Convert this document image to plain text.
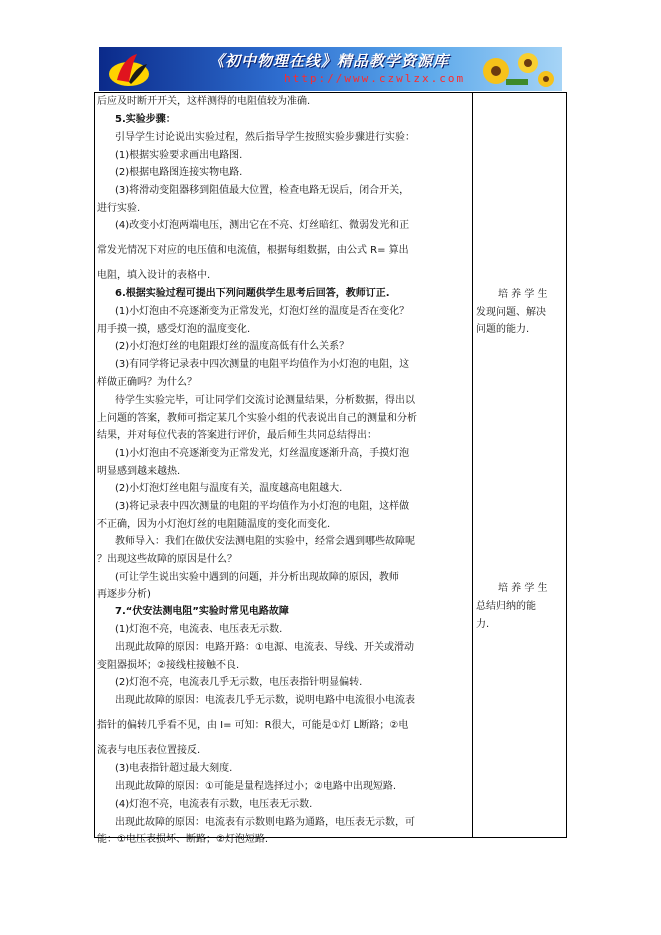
《初中物理在线》精品教学资源库
http://www.czwlzx.com
后应及时断开开关，这样测得的电阻值较为准确.
5.实验步骤：
引导学生讨论说出实验过程，然后指导学生按照实验步骤进行实验：
(1)根据实验要求画出电路图.
(2)根据电路图连接实物电路.
(3)将滑动变阻器移到阻值最大位置，检查电路无误后，闭合开关，
进行实验.
(4)改变小灯泡两端电压，测出它在不亮、灯丝暗红、微弱发光和正
常发光情况下对应的电压值和电流值，根据每组数据，由公式 R= 算出
电阻，填入设计的表格中.
6.根据实验过程可提出下列问题供学生思考后回答，教师订正.
(1)小灯泡由不亮逐渐变为正常发光，灯泡灯丝的温度是否在变化？
用手摸一摸，感受灯泡的温度变化.
(2)小灯泡灯丝的电阻跟灯丝的温度高低有什么关系？
(3)有同学将记录表中四次测量的电阻平均值作为小灯泡的电阻，这
样做正确吗？为什么？
待学生实验完毕，可让同学们交流讨论测量结果，分析数据，得出以
上问题的答案，教师可指定某几个实验小组的代表说出自己的测量和分析
结果，并对每位代表的答案进行评价，最后师生共同总结得出：
(1)小灯泡由不亮逐渐变为正常发光，灯丝温度逐渐升高，手摸灯泡
明显感到越来越热.
(2)小灯泡灯丝电阻与温度有关，温度越高电阻越大.
(3)将记录表中四次测量的电阻的平均值作为小灯泡的电阻，这样做
不正确，因为小灯泡灯丝的电阻随温度的变化而变化.
教师导入：我们在做伏安法测电阻的实验中，经常会遇到哪些故障呢
？出现这些故障的原因是什么？
(可让学生说出实验中遇到的问题，并分析出现故障的原因，教师
再逐步分析)
7.“伏安法测电阻”实验时常见电路故障
(1)灯泡不亮，电流表、电压表无示数.
出现此故障的原因：电路开路：①电源、电流表、导线、开关或滑动
变阻器损坏；②接线柱接触不良.
(2)灯泡不亮，电流表几乎无示数，电压表指针明显偏转.
出现此故障的原因：电流表几乎无示数，说明电路中电流很小电流表
指针的偏转几乎看不见，由 I= 可知：R很大，可能是①灯 L断路；②电
流表与电压表位置接反.
(3)电表指针超过最大刻度.
出现此故障的原因：①可能是量程选择过小；②电路中出现短路.
(4)灯泡不亮，电流表有示数，电压表无示数.
出现此故障的原因：电流表有示数则电路为通路，电压表无示数，可
能：①电压表损坏、断路；②灯泡短路.
培 养 学 生
发现问题、解决
问题的能力.
培 养 学 生
总结归纳的能
力.
